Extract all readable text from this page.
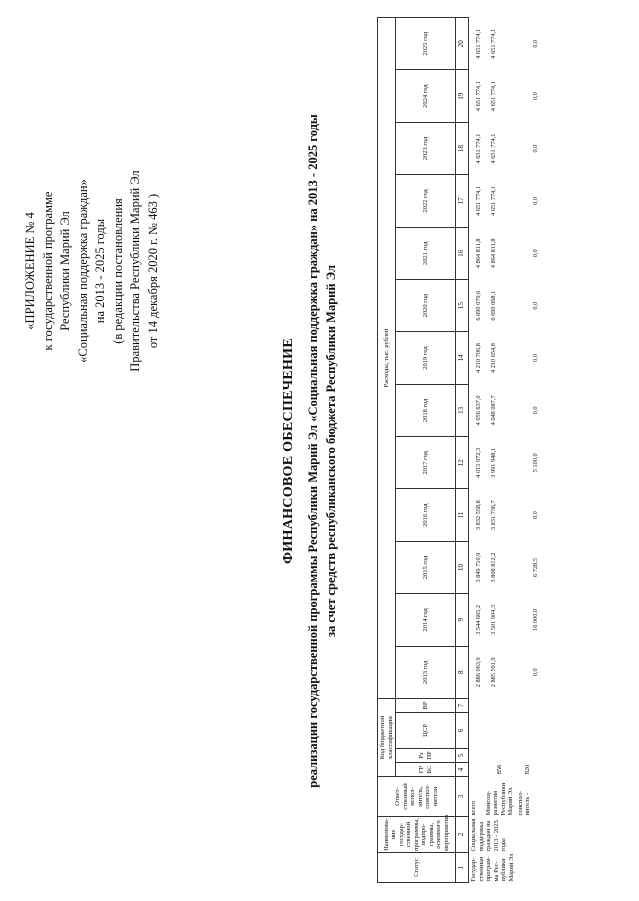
«ПРИЛОЖЕНИЕ № 4 к государственной программе Республики Марий Эл «Социальная поддержка граждан» на 2013 - 2025 годы (в редакции постановления Правительства Республики Марий Эл от 14 декабря 2020 г. № 463 )
ФИНАНСОВОЕ ОБЕСПЕЧЕНИЕ реализации государственной программы Республики Марий Эл «Социальная поддержка граждан» на 2013 - 2025 годы за счет средств республиканского бюджета Республики Марий Эл
Статус	Наименова-ние государ-ственной программы, подпро-граммы, основного мероприятия	Ответ-ственный испол-нитель, соиспол-нители	Код бюджетной классификации				Расходы, тыс. рублей												
			ГР БС	Рз ПР	ЦСР	ВР	2013 год	2014 год	2015 год	2016 год	2017 год	2018 год	2019 год	2020 год	2021 год	2022 год	2023 год	2024 год	2025 год
1	2	3	4	5	6	7	8	9	10	11	12	13	14	15	16	17	18	19	20
Государ-ственная програм-ма Рес-публики Марий Эл	Социальная поддержка граждан на 2013 - 2025 годы	всего					2 886 063,9	3 544 665,2	3 849 710,9	3 832 558,8	4 015 972,3	4 056 637,0	4 210 706,8	6 690 079,6	4 864 811,8	4 651 774,1	4 651 774,1	4 651 774,1	4 651 774,1
		Минсоц-развития Республики Марий Эл	856				2 885 591,9	3 501 904,3	3 808 812,2	3 831 736,7	3 991 948,1	4 048 087,7	4 210 654,8	6 690 068,1	4 864 811,8	4 651 774,1	4 651 774,1	4 651 774,1	4 651 774,1
		соиспол-нитель -	820				0,0	16 000,0	6 728,5	0,0	5 100,0	0,0	0,0	0,0	0,0	0,0	0,0	0,0	0,0
